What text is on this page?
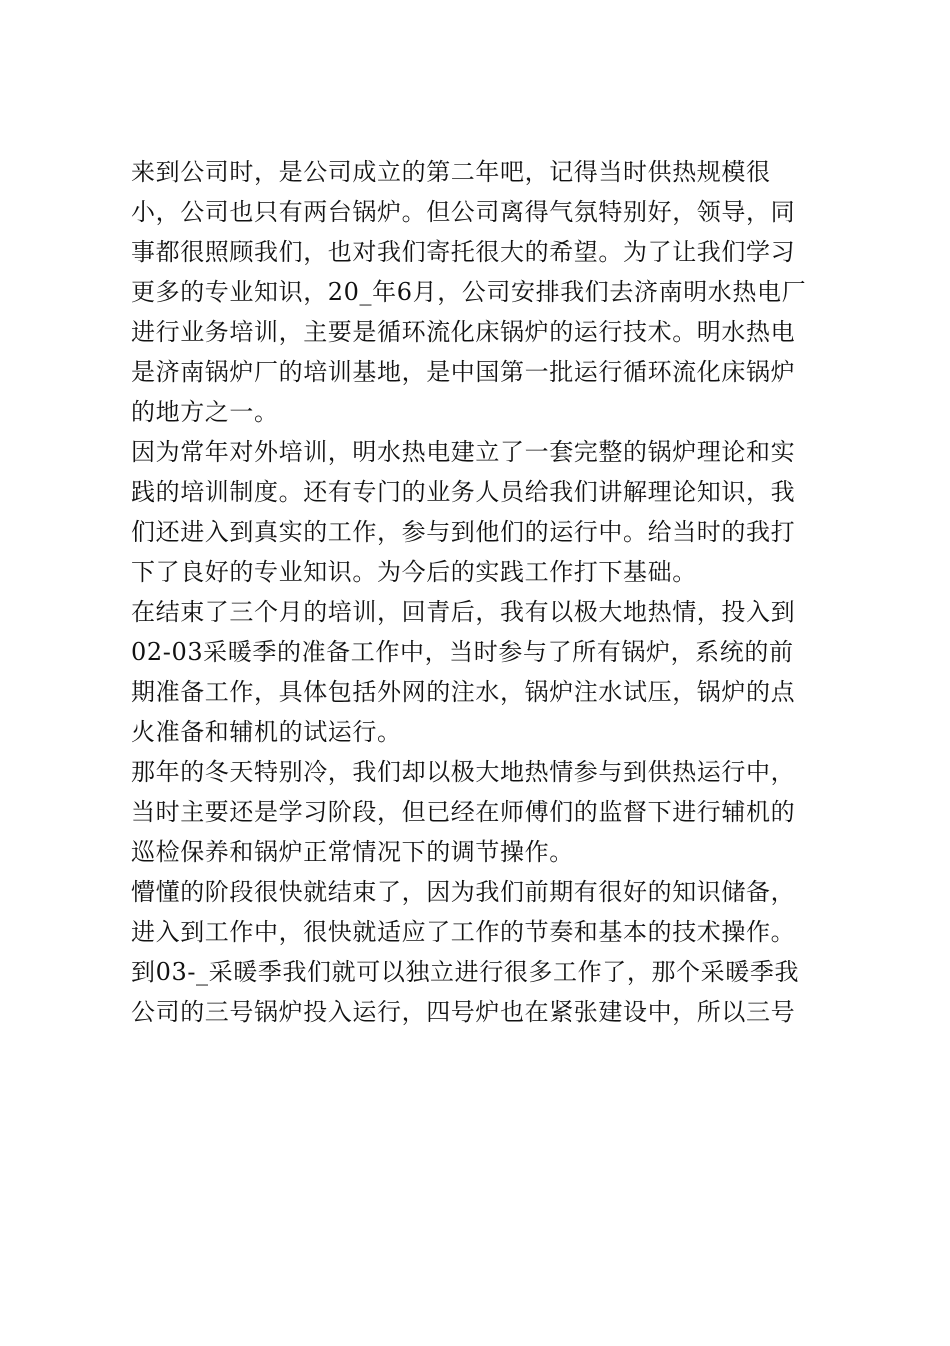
来到公司时，是公司成立的第二年吧，记得当时供热规模很
小，公司也只有两台锅炉。但公司离得气氛特别好，领导，同
事都很照顾我们，也对我们寄托很大的希望。为了让我们学习
更多的专业知识，20_年6月，公司安排我们去济南明水热电厂
进行业务培训，主要是循环流化床锅炉的运行技术。明水热电
是济南锅炉厂的培训基地，是中国第一批运行循环流化床锅炉
的地方之一。
因为常年对外培训，明水热电建立了一套完整的锅炉理论和实
践的培训制度。还有专门的业务人员给我们讲解理论知识，我
们还进入到真实的工作，参与到他们的运行中。给当时的我打
下了良好的专业知识。为今后的实践工作打下基础。
在结束了三个月的培训，回青后，我有以极大地热情，投入到
02-03采暖季的准备工作中，当时参与了所有锅炉，系统的前
期准备工作，具体包括外网的注水，锅炉注水试压，锅炉的点
火准备和辅机的试运行。
那年的冬天特别冷，我们却以极大地热情参与到供热运行中，
当时主要还是学习阶段，但已经在师傅们的监督下进行辅机的
巡检保养和锅炉正常情况下的调节操作。
懵懂的阶段很快就结束了，因为我们前期有很好的知识储备，
进入到工作中，很快就适应了工作的节奏和基本的技术操作。
到03-_采暖季我们就可以独立进行很多工作了，那个采暖季我
公司的三号锅炉投入运行，四号炉也在紧张建设中，所以三号
